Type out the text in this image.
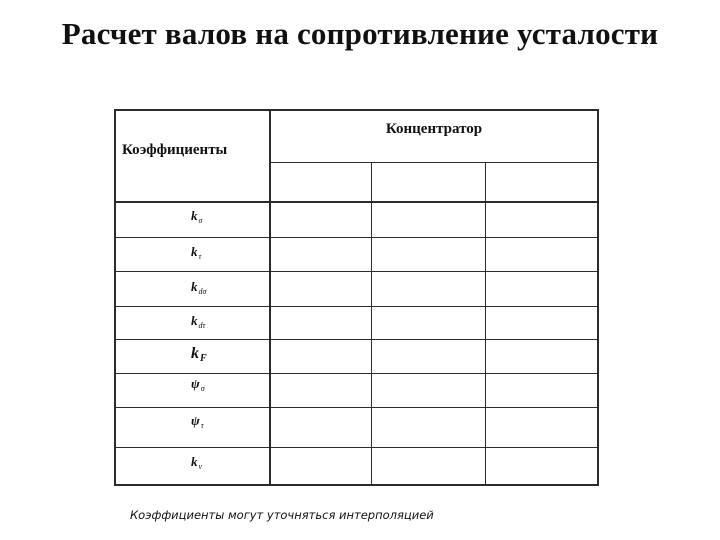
Расчет валов на сопротивление усталости
Коэффициенты
Концентратор
$k_\sigma$
$k_\tau$
$k_{d\sigma}$
$k_{d\tau}$
$k_F$
$\psi_\sigma$
$\psi_\tau$
$k_v$
Коэффициенты могут уточняться интерполяцией
